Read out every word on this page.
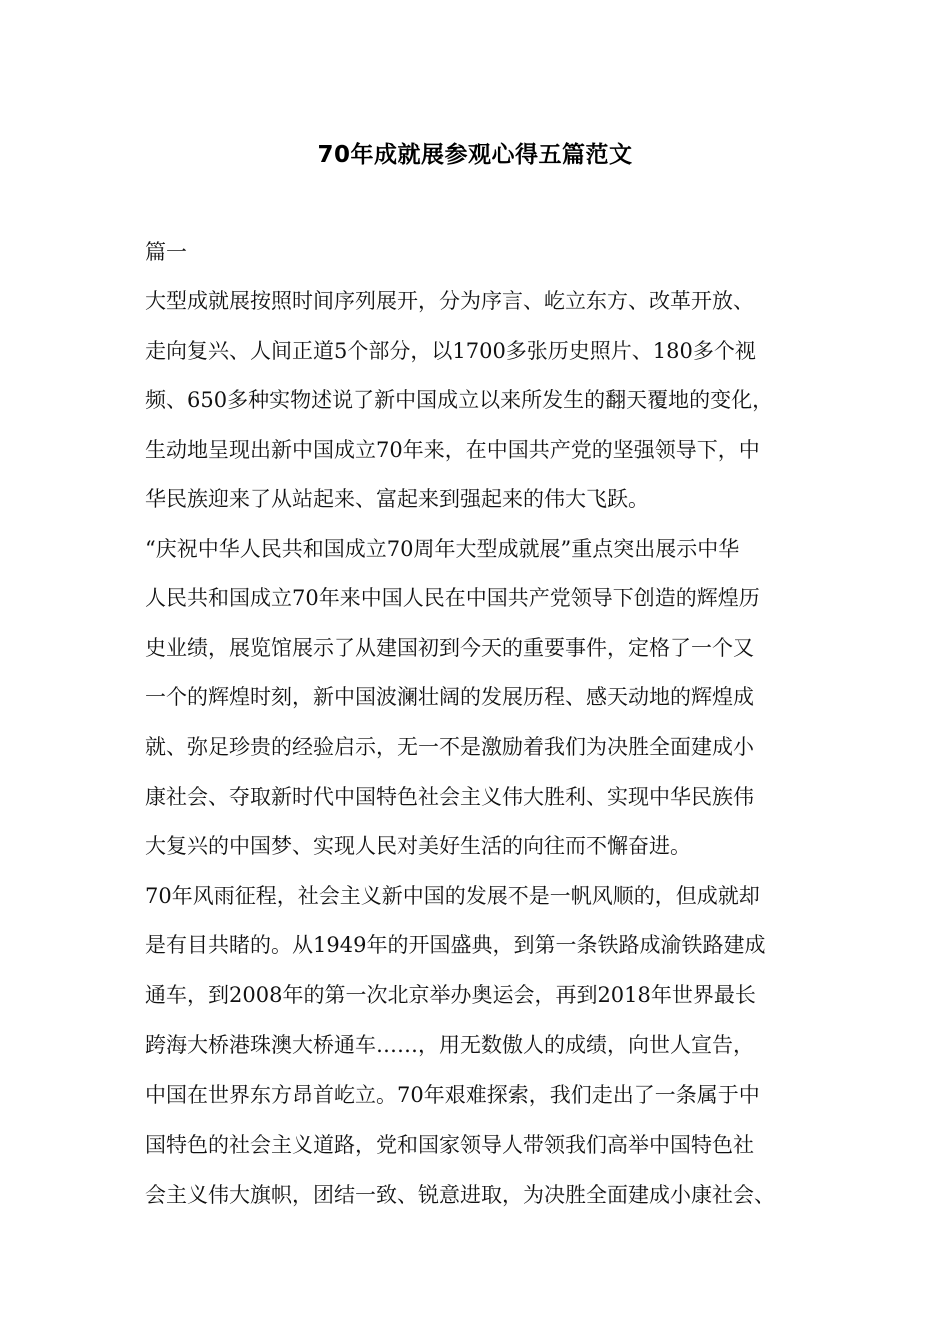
70年成就展参观心得五篇范文
篇一
大型成就展按照时间序列展开，分为序言、屹立东方、改革开放、
走向复兴、人间正道5个部分，以1700多张历史照片、180多个视
频、650多种实物述说了新中国成立以来所发生的翻天覆地的变化，
生动地呈现出新中国成立70年来，在中国共产党的坚强领导下，中
华民族迎来了从站起来、富起来到强起来的伟大飞跃。
“庆祝中华人民共和国成立70周年大型成就展”重点突出展示中华
人民共和国成立70年来中国人民在中国共产党领导下创造的辉煌历
史业绩，展览馆展示了从建国初到今天的重要事件，定格了一个又
一个的辉煌时刻，新中国波澜壮阔的发展历程、感天动地的辉煌成
就、弥足珍贵的经验启示，无一不是激励着我们为决胜全面建成小
康社会、夺取新时代中国特色社会主义伟大胜利、实现中华民族伟
大复兴的中国梦、实现人民对美好生活的向往而不懈奋进。
70年风雨征程，社会主义新中国的发展不是一帆风顺的，但成就却
是有目共睹的。从1949年的开国盛典，到第一条铁路成渝铁路建成
通车，到2008年的第一次北京举办奥运会，再到2018年世界最长
跨海大桥港珠澳大桥通车……，用无数傲人的成绩，向世人宣告，
中国在世界东方昂首屹立。70年艰难探索，我们走出了一条属于中
国特色的社会主义道路，党和国家领导人带领我们高举中国特色社
会主义伟大旗帜，团结一致、锐意进取，为决胜全面建成小康社会、
